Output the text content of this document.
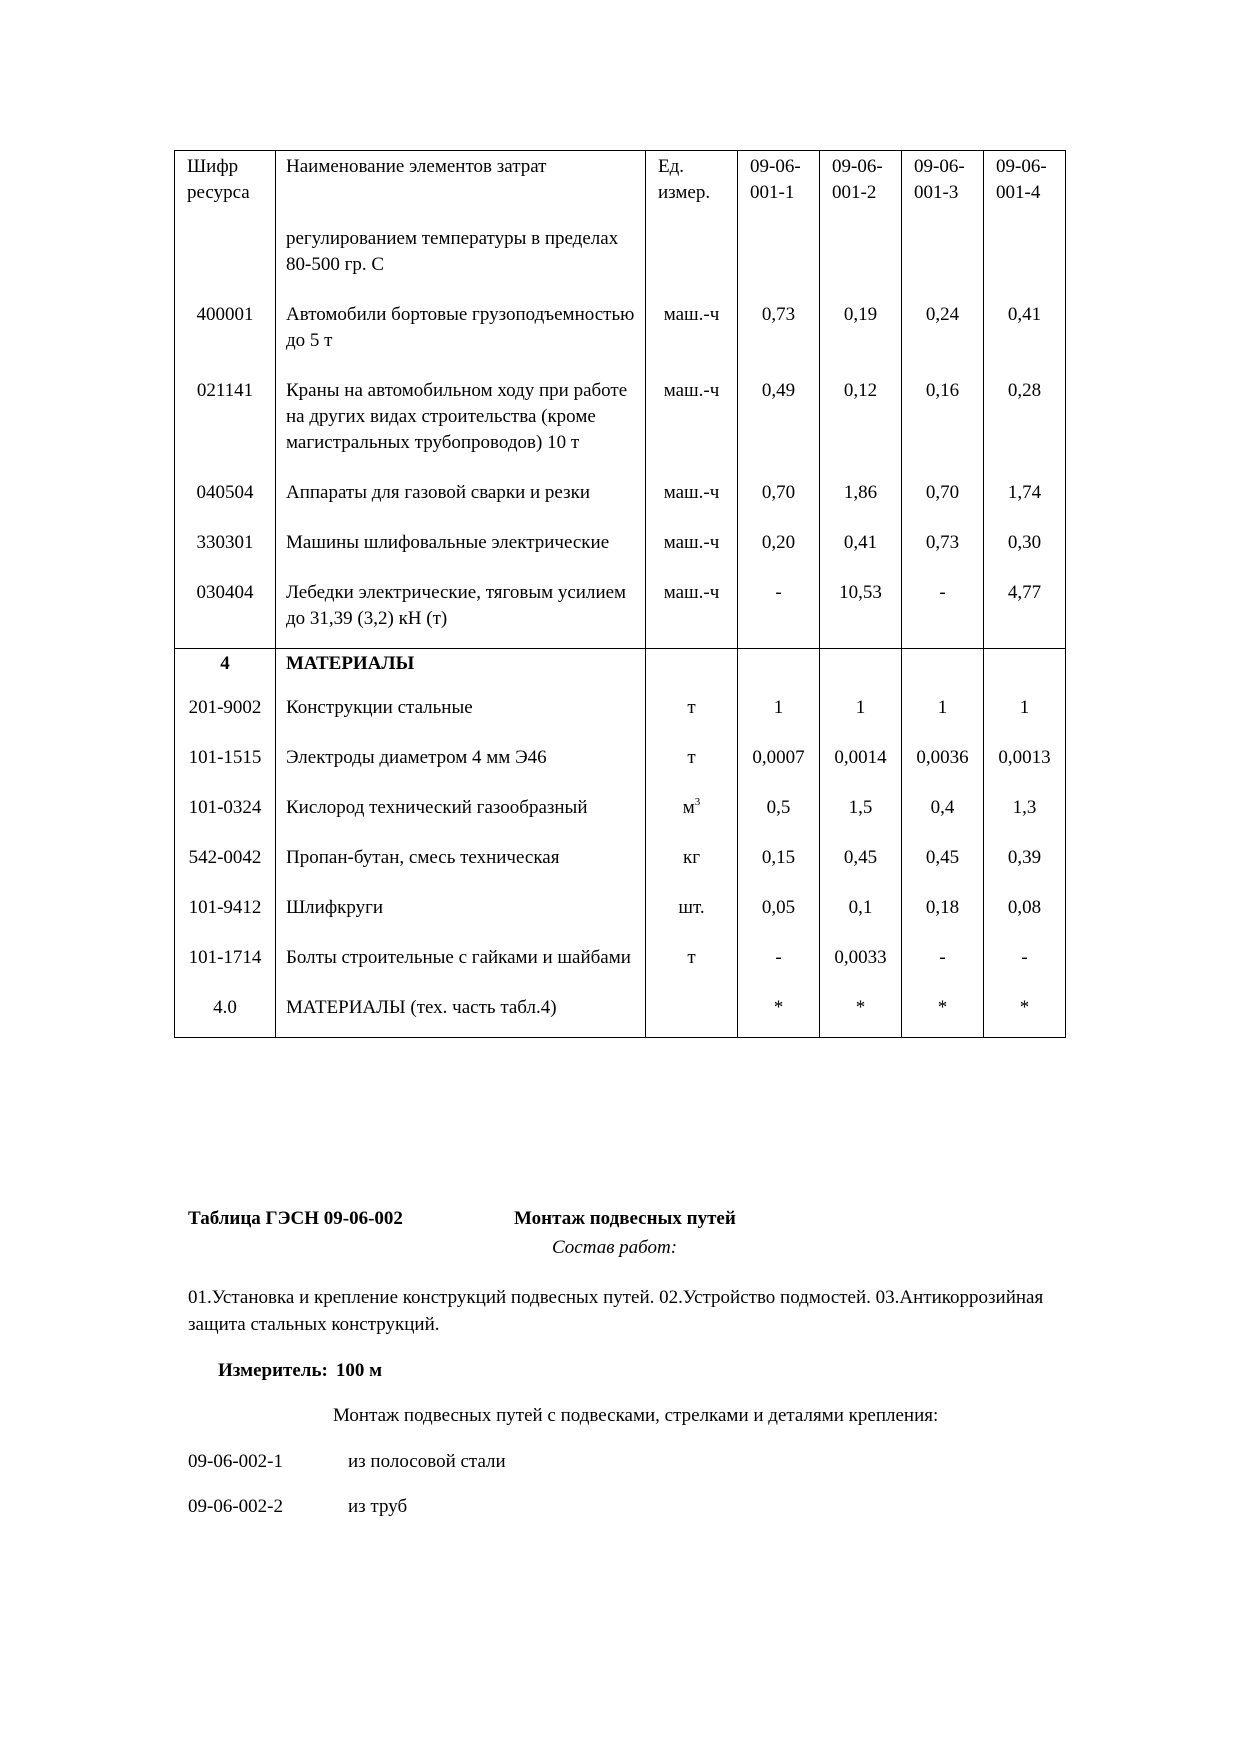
Шифр ресурса	Наименование элементов затрат	Ед. измер.	09-06-001-1	09-06-001-2	09-06-001-3	09-06-001-4
	регулированием температуры в пределах 80-500 гр. С					
400001	Автомобили бортовые грузоподъемностью до 5 т	маш.-ч	0,73	0,19	0,24	0,41
021141	Краны на автомобильном ходу при работе на других видах строительства (кроме магистральных трубопроводов) 10 т	маш.-ч	0,49	0,12	0,16	0,28
040504	Аппараты для газовой сварки и резки	маш.-ч	0,70	1,86	0,70	1,74
330301	Машины шлифовальные электрические	маш.-ч	0,20	0,41	0,73	0,30
030404	Лебедки электрические, тяговым усилием до 31,39 (3,2) кН (т)	маш.-ч	-	10,53	-	4,77
4	МАТЕРИАЛЫ					
201-9002	Конструкции стальные	т	1	1	1	1
101-1515	Электроды диаметром 4 мм Э46	т	0,0007	0,0014	0,0036	0,0013
101-0324	Кислород технический газообразный	$м^3$	0,5	1,5	0,4	1,3
542-0042	Пропан-бутан, смесь техническая	кг	0,15	0,45	0,45	0,39
101-9412	Шлифкруги	шт.	0,05	0,1	0,18	0,08
101-1714	Болты строительные с гайками и шайбами	т	-	0,0033	-	-
4.0	МАТЕРИАЛЫ (тех. часть табл.4)		*	*	*	*
Таблица ГЭСН 09-06-002	Монтаж подвесных путей
Состав работ:
01.Установка и крепление конструкций подвесных путей. 02.Устройство подмостей. 03.Антикоррозийная защита стальных конструкций.
Измеритель: 100 м
Монтаж подвесных путей с подвесками, стрелками и деталями крепления:
09-06-002-1	из полосовой стали
09-06-002-2	из труб
